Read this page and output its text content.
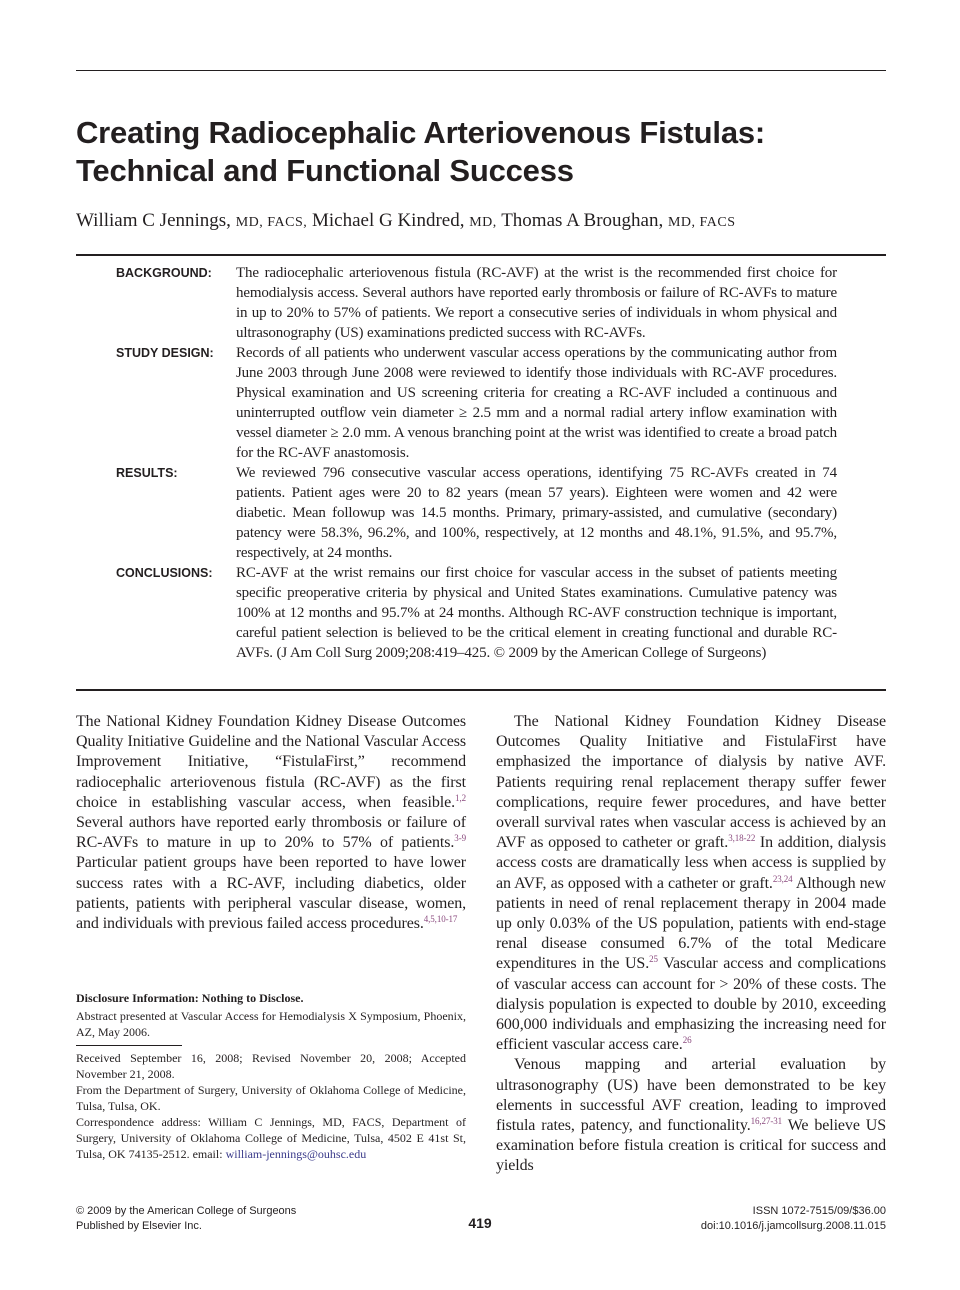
Creating Radiocephalic Arteriovenous Fistulas:
Technical and Functional Success

William C Jennings, MD, FACS, Michael G Kindred, MD, Thomas A Broughan, MD, FACS

BACKGROUND:	The radiocephalic arteriovenous fistula (RC-AVF) at the wrist is the recommended first choice for hemodialysis access. Several authors have reported early thrombosis or failure of RC-AVFs to mature in up to 20% to 57% of patients. We report a consecutive series of individuals in whom physical and ultrasonography (US) examinations predicted success with RC-AVFs.
STUDY DESIGN:	Records of all patients who underwent vascular access operations by the communicating author from June 2003 through June 2008 were reviewed to identify those individuals with RC-AVF procedures. Physical examination and US screening criteria for creating a RC-AVF included a continuous and uninterrupted outflow vein diameter ≥ 2.5 mm and a normal radial artery inflow examination with vessel diameter ≥ 2.0 mm. A venous branching point at the wrist was identified to create a broad patch for the RC-AVF anastomosis.
RESULTS:	We reviewed 796 consecutive vascular access operations, identifying 75 RC-AVFs created in 74 patients. Patient ages were 20 to 82 years (mean 57 years). Eighteen were women and 42 were diabetic. Mean followup was 14.5 months. Primary, primary-assisted, and cumulative (secondary) patency were 58.3%, 96.2%, and 100%, respectively, at 12 months and 48.1%, 91.5%, and 95.7%, respectively, at 24 months.
CONCLUSIONS:	RC-AVF at the wrist remains our first choice for vascular access in the subset of patients meeting specific preoperative criteria by physical and United States examinations. Cumulative patency was 100% at 12 months and 95.7% at 24 months. Although RC-AVF construction technique is important, careful patient selection is believed to be the critical element in creating functional and durable RC-AVFs. (J Am Coll Surg 2009;208:419–425. © 2009 by the American College of Surgeons)

The National Kidney Foundation Kidney Disease Outcomes Quality Initiative Guideline and the National Vascular Access Improvement Initiative, “FistulaFirst,” recommend radiocephalic arteriovenous fistula (RC-AVF) as the first choice in establishing vascular access, when feasible.$^{1,2}$ Several authors have reported early thrombosis or failure of RC-AVFs to mature in up to 20% to 57% of patients.$^{3-9}$ Particular patient groups have been reported to have lower success rates with a RC-AVF, including diabetics, older patients, patients with peripheral vascular disease, women, and individuals with previous failed access procedures.$^{4,5,10-17}$

Disclosure Information: Nothing to Disclose.

Abstract presented at Vascular Access for Hemodialysis X Symposium, Phoenix, AZ, May 2006.

Received September 16, 2008; Revised November 20, 2008; Accepted November 21, 2008.

From the Department of Surgery, University of Oklahoma College of Medicine, Tulsa, Tulsa, OK.

Correspondence address: William C Jennings, MD, FACS, Department of Surgery, University of Oklahoma College of Medicine, Tulsa, 4502 E 41st St, Tulsa, OK 74135-2512. email: william-jennings@ouhsc.edu

The National Kidney Foundation Kidney Disease Outcomes Quality Initiative and FistulaFirst have emphasized the importance of dialysis by native AVF. Patients requiring renal replacement therapy suffer fewer complications, require fewer procedures, and have better overall survival rates when vascular access is achieved by an AVF as opposed to catheter or graft.$^{3,18-22}$ In addition, dialysis access costs are dramatically less when access is supplied by an AVF, as opposed with a catheter or graft.$^{23,24}$ Although new patients in need of renal replacement therapy in 2004 made up only 0.03% of the US population, patients with end-stage renal disease consumed 6.7% of the total Medicare expenditures in the US.$^{25}$ Vascular access and complications of vascular access can account for > 20% of these costs. The dialysis population is expected to double by 2010, exceeding 600,000 individuals and emphasizing the increasing need for efficient vascular access care.$^{26}$

Venous mapping and arterial evaluation by ultrasonography (US) have been demonstrated to be key elements in successful AVF creation, leading to improved fistula rates, patency, and functionality.$^{16,27-31}$ We believe US examination before fistula creation is critical for success and yields

© 2009 by the American College of Surgeons
Published by Elsevier Inc.	419
ISSN 1072-7515/09/$36.00
doi:10.1016/j.jamcollsurg.2008.11.015
